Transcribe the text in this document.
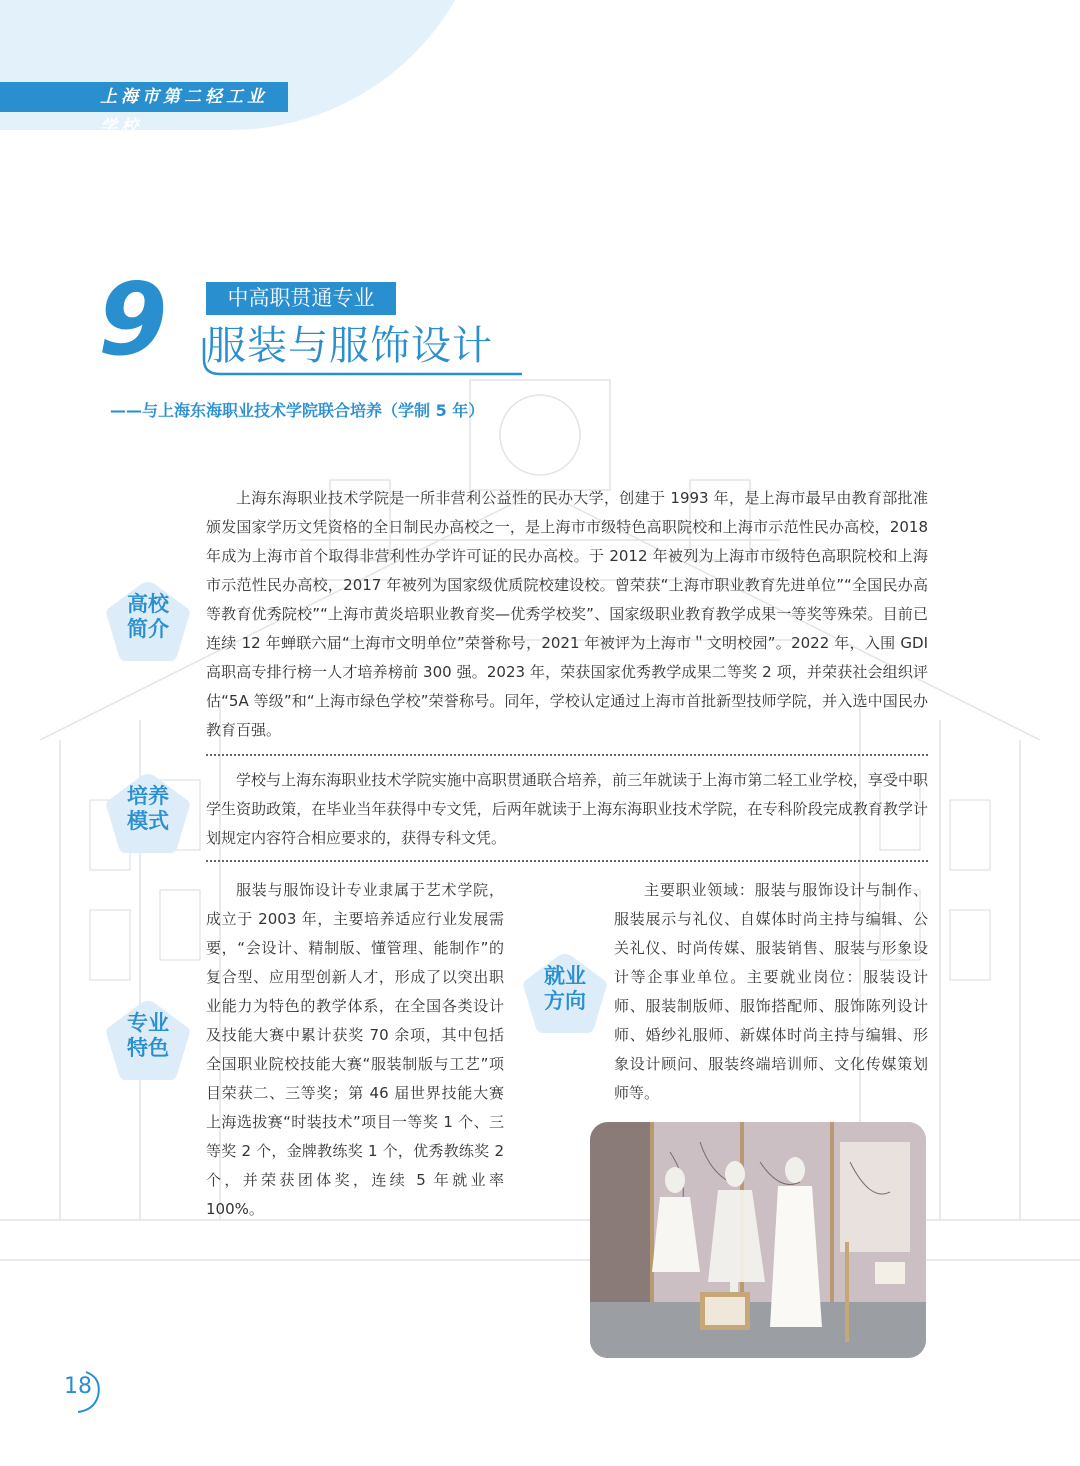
上海市第二轻工业学校
9	中高职贯通专业
服装与服饰设计
——与上海东海职业技术学院联合培养（学制 5 年）
高校
简介
上海东海职业技术学院是一所非营利公益性的民办大学，创建于 1993 年，是上海市最早由教育部批准颁发国家学历文凭资格的全日制民办高校之一，是上海市市级特色高职院校和上海市示范性民办高校，2018 年成为上海市首个取得非营利性办学许可证的民办高校。于 2012 年被列为上海市市级特色高职院校和上海市示范性民办高校，2017 年被列为国家级优质院校建设校。曾荣获“上海市职业教育先进单位”“全国民办高等教育优秀院校”“上海市黄炎培职业教育奖—优秀学校奖”、国家级职业教育教学成果一等奖等殊荣。目前已连续 12 年蝉联六届“上海市文明单位”荣誉称号，2021 年被评为上海市＂文明校园”。2022 年，入围 GDI 高职高专排行榜一人才培养榜前 300 强。2023 年，荣获国家优秀教学成果二等奖 2 项，并荣获社会组织评估“5A 等级”和“上海市绿色学校”荣誉称号。同年，学校认定通过上海市首批新型技师学院，并入选中国民办教育百强。
培养
模式
学校与上海东海职业技术学院实施中高职贯通联合培养，前三年就读于上海市第二轻工业学校，享受中职学生资助政策，在毕业当年获得中专文凭，后两年就读于上海东海职业技术学院，在专科阶段完成教育教学计划规定内容符合相应要求的，获得专科文凭。
专业
特色
服装与服饰设计专业隶属于艺术学院，成立于 2003 年，主要培养适应行业发展需要，“会设计、精制版、懂管理、能制作”的复合型、应用型创新人才，形成了以突出职业能力为特色的教学体系，在全国各类设计及技能大赛中累计获奖 70 余项，其中包括全国职业院校技能大赛“服装制版与工艺”项目荣获二、三等奖；第 46 届世界技能大赛上海选拔赛“时装技术”项目一等奖 1 个、三等奖 2 个，金牌教练奖 1 个，优秀教练奖 2 个，并荣获团体奖，连续 5 年就业率 100%。
就业
方向
主要职业领域：服装与服饰设计与制作、服装展示与礼仪、自媒体时尚主持与编辑、公关礼仪、时尚传媒、服装销售、服装与形象设计等企事业单位。主要就业岗位：服装设计师、服装制版师、服饰搭配师、服饰陈列设计师、婚纱礼服师、新媒体时尚主持与编辑、形象设计顾问、服装终端培训师、文化传媒策划师等。
18
